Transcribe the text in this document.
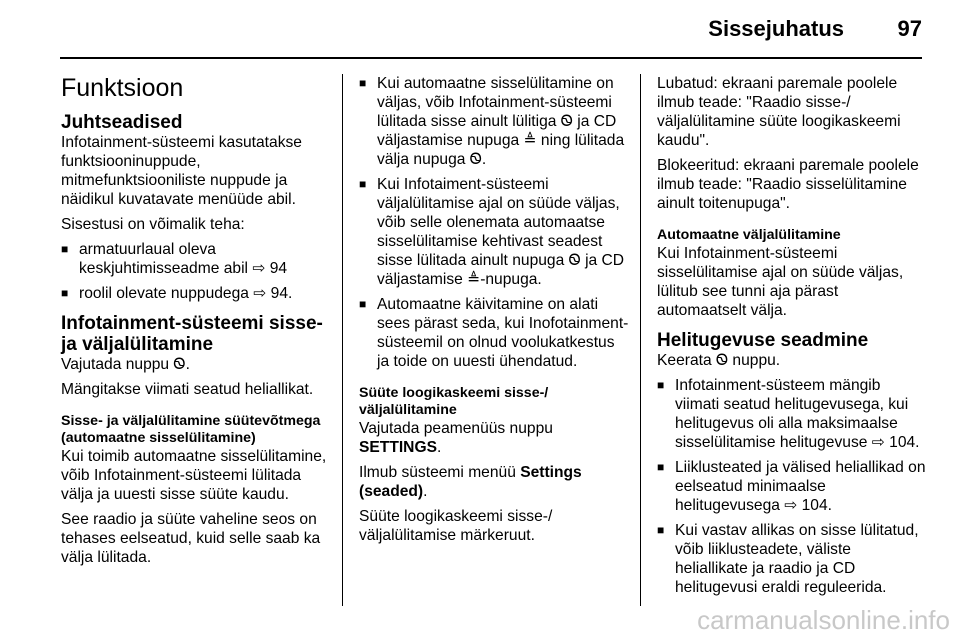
Sissejuhatus 97
Funktsioon
Juhtseadised

Infotainment-süsteemi kasutatakse funktsiooninuppude, mitmefunktsiooniliste nuppude ja näidikul kuvatavate menüüde abil.

Sisestusi on võimalik teha:

■ armatuurlaual oleva keskjuhtimisseadme abil ⇨ 94
■ roolil olevate nuppudega ⇨ 94.
Infotainment-süsteemi sisse- ja väljalülitamine

Vajutada nuppu Ꮻ.

Mängitakse viimati seatud heliallikat.

Sisse- ja väljalülitamine süütevõtmega (automaatne sisselülitamine)

Kui toimib automaatne sisselülitamine, võib Infotainment-süsteemi lülitada välja ja uuesti sisse süüte kaudu.

See raadio ja süüte vaheline seos on tehases eelseatud, kuid selle saab ka välja lülitada.

■ Kui automaatne sisselülitamine on väljas, võib Infotainment-süsteemi lülitada sisse ainult lülitiga Ꮻ ja CD väljastamise nupuga ≜ ning lülitada välja nupuga Ꮻ.
■ Kui Infotaiment-süsteemi väljalülitamise ajal on süüde väljas, võib selle olenemata automaatse sisselülitamise kehtivast seadest sisse lülitada ainult nupuga Ꮻ ja CD väljastamise ≜-nupuga.
■ Automaatne käivitamine on alati sees pärast seda, kui Inofotainment-süsteemil on olnud voolukatkestus ja toide on uuesti ühendatud.
Süüte loogikaskeemi sisse-/ väljalülitamine

Vajutada peamenüüs nuppu SETTINGS.

Ilmub süsteemi menüü Settings (seaded).

Süüte loogikaskeemi sisse-/ väljalülitamise märkeruut.

Lubatud: ekraani paremale poolele ilmub teade: "Raadio sisse-/ väljalülitamine süüte loogikaskeemi kaudu".

Blokeeritud: ekraani paremale poolele ilmub teade: "Raadio sisselülitamine ainult toitenupuga".

Automaatne väljalülitamine

Kui Infotainment-süsteemi sisselülitamise ajal on süüde väljas, lülitub see tunni aja pärast automaatselt välja.

Helitugevuse seadmine

Keerata Ꮻ nuppu.

■ Infotainment-süsteem mängib viimati seatud helitugevusega, kui helitugevus oli alla maksimaalse sisselülitamise helitugevuse ⇨ 104.
■ Liiklusteated ja välised heliallikad on eelseatud minimaalse helitugevusega ⇨ 104.
■ Kui vastav allikas on sisse lülitatud, võib liiklusteadete, väliste heliallikate ja raadio ja CD helitugevusi eraldi reguleerida.
carmanualsonline.info
